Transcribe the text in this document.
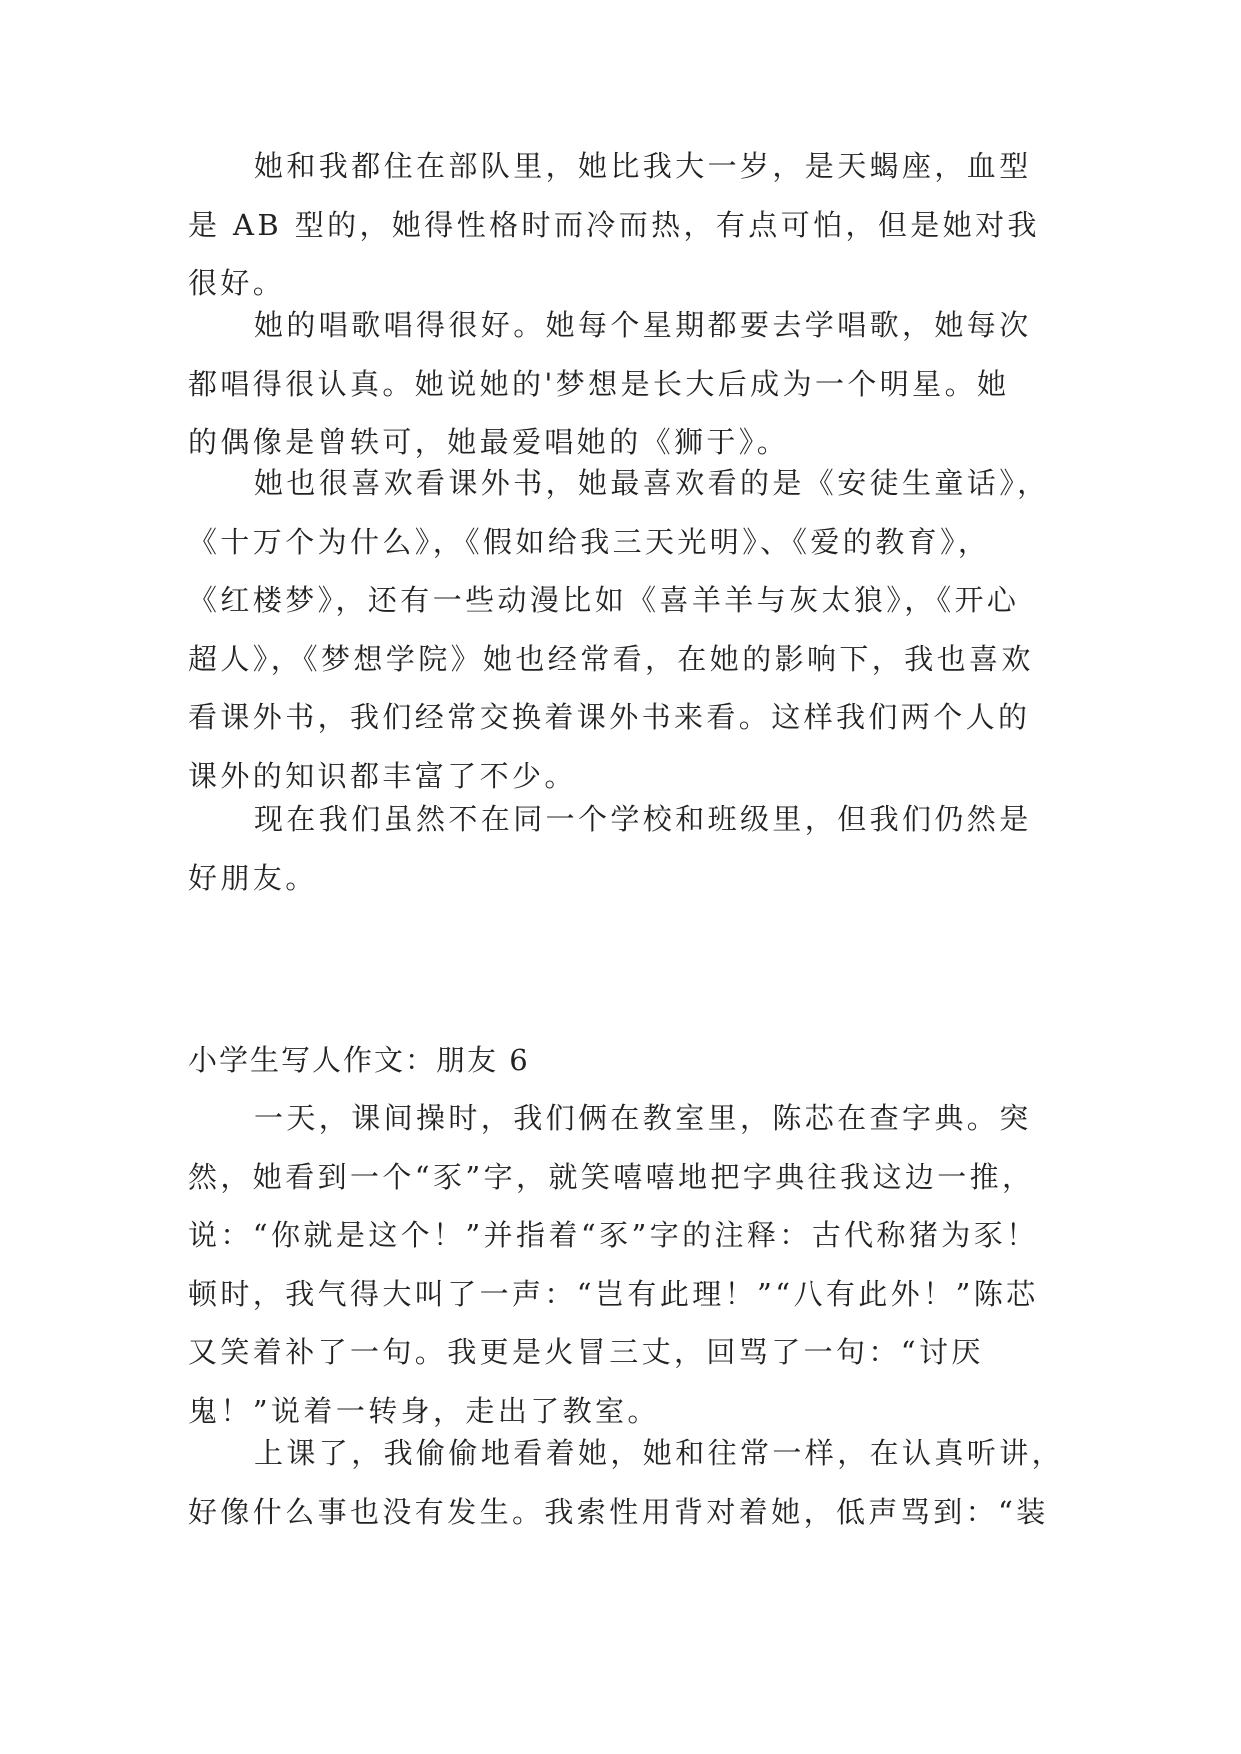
她和我都住在部队里，她比我大一岁，是天蝎座，血型
是 AB 型的，她得性格时而冷而热，有点可怕，但是她对我
很好。
她的唱歌唱得很好。她每个星期都要去学唱歌，她每次
都唱得很认真。她说她的'梦想是长大后成为一个明星。她
的偶像是曾轶可，她最爱唱她的《狮于》。
她也很喜欢看课外书，她最喜欢看的是《安徒生童话》，
《十万个为什么》，《假如给我三天光明》、《爱的教育》，
《红楼梦》，还有一些动漫比如《喜羊羊与灰太狼》，《开心
超人》，《梦想学院》她也经常看，在她的影响下，我也喜欢
看课外书，我们经常交换着课外书来看。这样我们两个人的
课外的知识都丰富了不少。
现在我们虽然不在同一个学校和班级里，但我们仍然是
好朋友。
小学生写人作文：朋友 6
一天，课间操时，我们俩在教室里，陈芯在查字典。突
然，她看到一个“豕”字，就笑嘻嘻地把字典往我这边一推，
说：“你就是这个！”并指着“豕”字的注释：古代称猪为豕！
顿时，我气得大叫了一声：“岂有此理！”“八有此外！”陈芯
又笑着补了一句。我更是火冒三丈，回骂了一句：“讨厌
鬼！”说着一转身，走出了教室。
上课了，我偷偷地看着她，她和往常一样，在认真听讲，
好像什么事也没有发生。我索性用背对着她，低声骂到：“装
